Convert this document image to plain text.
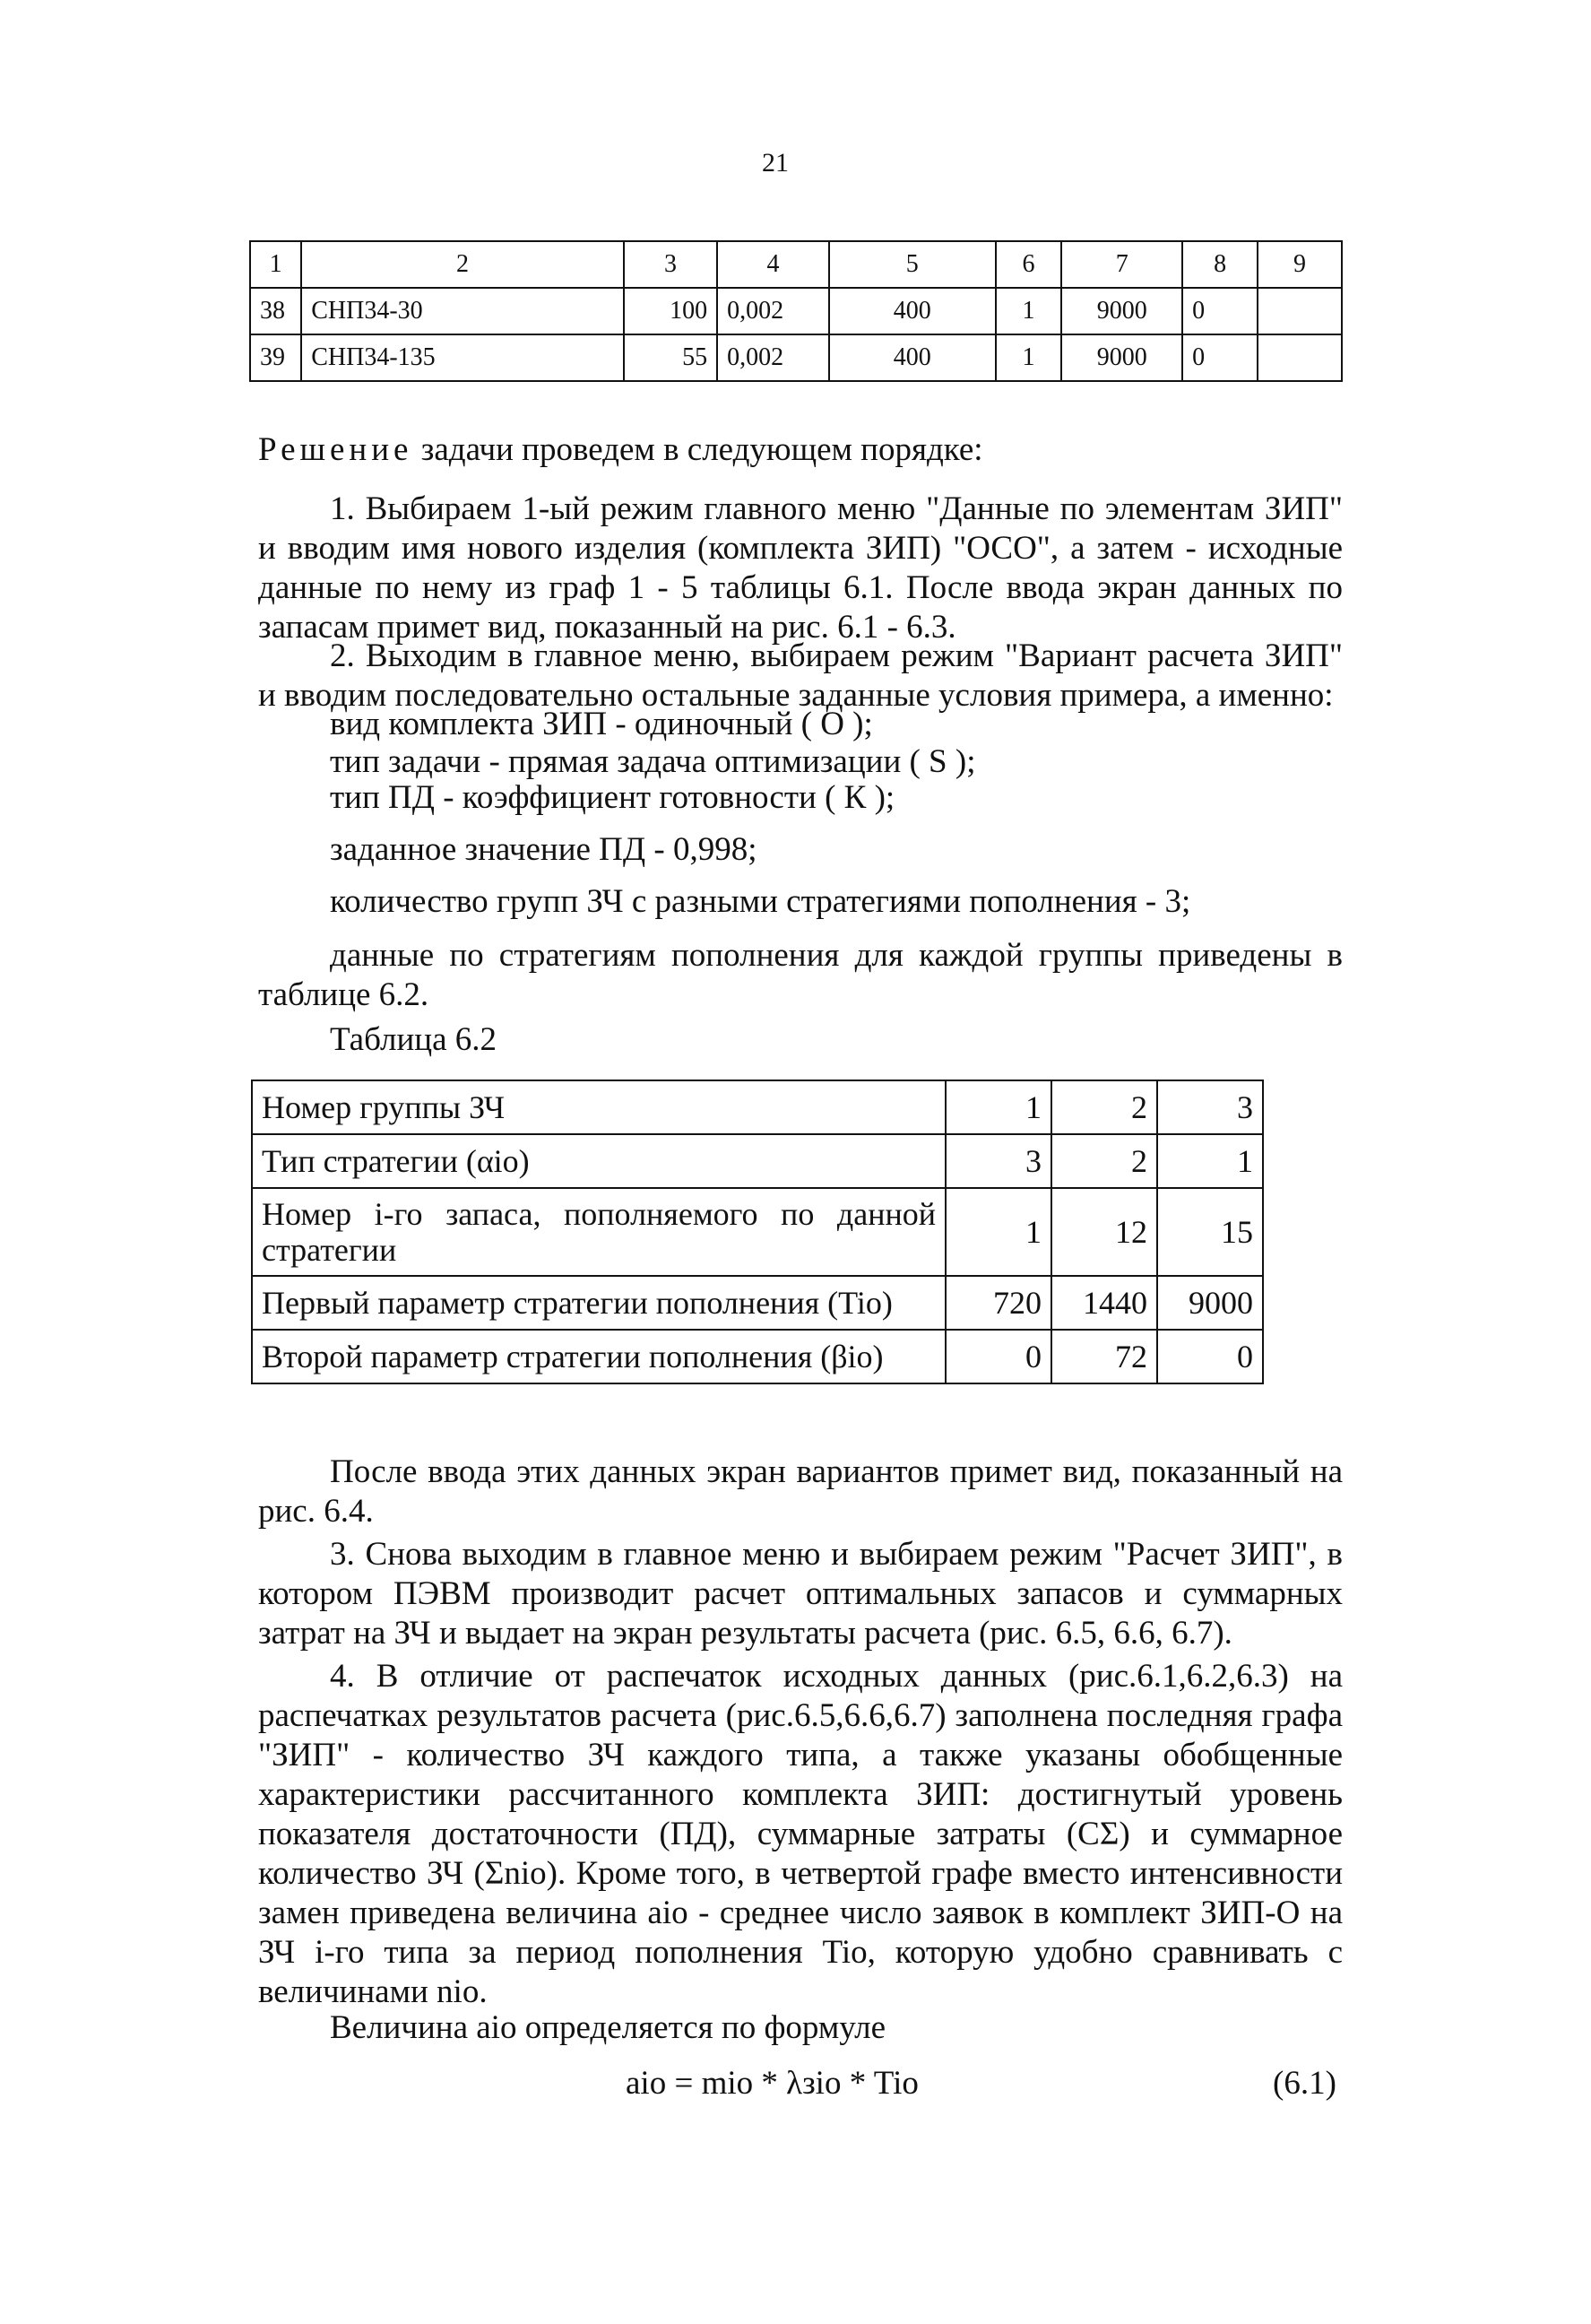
21
1	2	3	4	5	6	7	8	9
38	СНП34-30	100	0,002	400	1	9000	0	
39	СНП34-135	55	0,002	400	1	9000	0	
Решение задачи проведем в следующем порядке:
1. Выбираем 1-ый режим главного меню "Данные по элементам ЗИП" и вводим имя нового изделия (комплекта ЗИП) "ОСО", а затем - исходные данные по нему из граф 1 - 5 таблицы 6.1. После ввода экран данных по запасам примет вид, показанный на рис. 6.1 - 6.3.
2. Выходим в главное меню, выбираем режим "Вариант расчета ЗИП" и вводим последовательно остальные заданные условия примера, а именно:
вид комплекта ЗИП - одиночный ( О );
тип задачи - прямая задача оптимизации ( S );
тип ПД - коэффициент готовности ( К );
заданное значение ПД - 0,998;
количество групп ЗЧ с разными стратегиями пополнения - 3;
данные по стратегиям пополнения для каждой группы приведены в таблице 6.2.
Таблица 6.2
Номер группы ЗЧ	1	2	3
Тип стратегии (αio)	3	2	1
Номер i-го запаса, пополняемого по данной стратегии	1	12	15
Первый параметр стратегии пополнения (Tio)	720	1440	9000
Второй параметр стратегии пополнения (βio)	0	72	0
После ввода этих данных экран вариантов примет вид, показанный на рис. 6.4.
3. Снова выходим в главное меню и выбираем режим "Расчет ЗИП", в котором ПЭВМ производит расчет оптимальных запасов и суммарных затрат на ЗЧ и выдает на экран результаты расчета (рис. 6.5, 6.6, 6.7).
4. В отличие от распечаток исходных данных (рис.6.1,6.2,6.3) на распечатках результатов расчета (рис.6.5,6.6,6.7) заполнена последняя графа "ЗИП" - количество ЗЧ каждого типа, а также указаны обобщенные характеристики рассчитанного комплекта ЗИП: достигнутый уровень показателя достаточности (ПД), суммарные затраты (CΣ) и суммарное количество ЗЧ (Σnio). Кроме того, в четвертой графе вместо интенсивности замен приведена величина aio - среднее число заявок в комплект ЗИП-О на ЗЧ i-го типа за период пополнения Tio, которую удобно сравнивать с величинами nio.
Величина aio определяется по формуле
aio = mio * λзio * Tio	(6.1)
